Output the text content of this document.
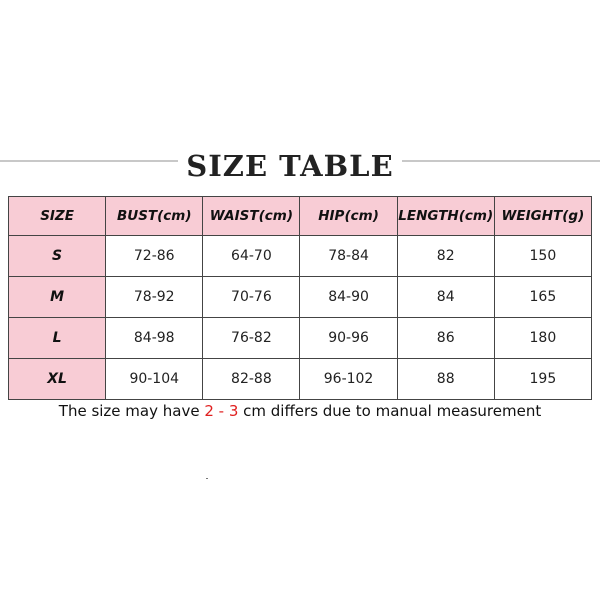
SIZE TABLE
SIZE	BUST(cm)	WAIST(cm)	HIP(cm)	LENGTH(cm)	WEIGHT(g)
S	72-86	64-70	78-84	82	150
M	78-92	70-76	84-90	84	165
L	84-98	76-82	90-96	86	180
XL	90-104	82-88	96-102	88	195
The size may have 2 - 3 cm differs due to manual measurement
